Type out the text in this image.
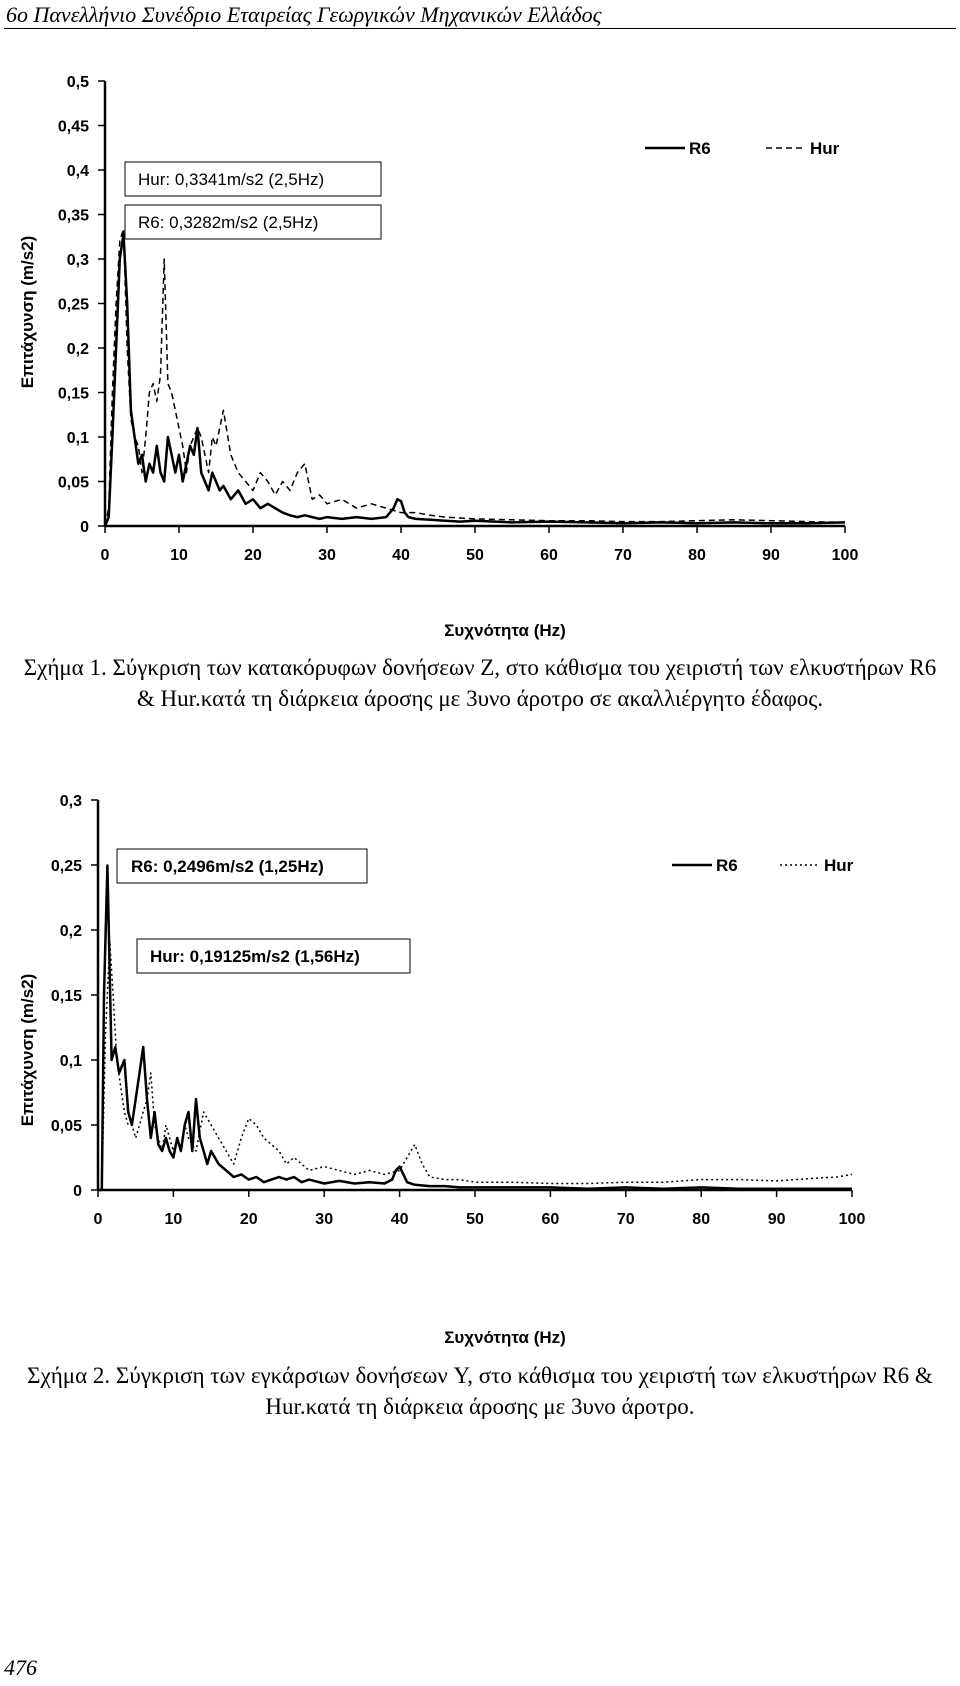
6ο Πανελλήνιο Συνέδριο Εταιρείας Γεωργικών Μηχανικών Ελλάδος
Επιτάχυνση (m/s2)
0
0,05
0,1
0,15
0,2
0,25
0,3
0,35
0,4
0,45
0,5
0	10	20	30	40	50	60	70	80	90	100
Συχνότητα (Hz)
Hur: 0,3341m/s2 (2,5Hz)
R6: 0,3282m/s2 (2,5Hz)
R6	Hur
Σχήμα 1. Σύγκριση των κατακόρυφων δονήσεων Z, στο κάθισμα του χειριστή των ελκυστήρων R6 & Hur.κατά τη διάρκεια άροσης με 3υνο άροτρο σε ακαλλιέργητο έδαφος.
Επιτάχυνση (m/s2)
0
0,05
0,1
0,15
0,2
0,25
0,3
0	10	20	30	40	50	60	70	80	90	100
Συχνότητα (Hz)
R6: 0,2496m/s2 (1,25Hz)
Hur: 0,19125m/s2 (1,56Hz)
R6	Hur
Σχήμα 2. Σύγκριση των εγκάρσιων δονήσεων Y, στο κάθισμα του χειριστή των ελκυστήρων R6 & Hur.κατά τη διάρκεια άροσης με 3υνο άροτρο.
476
